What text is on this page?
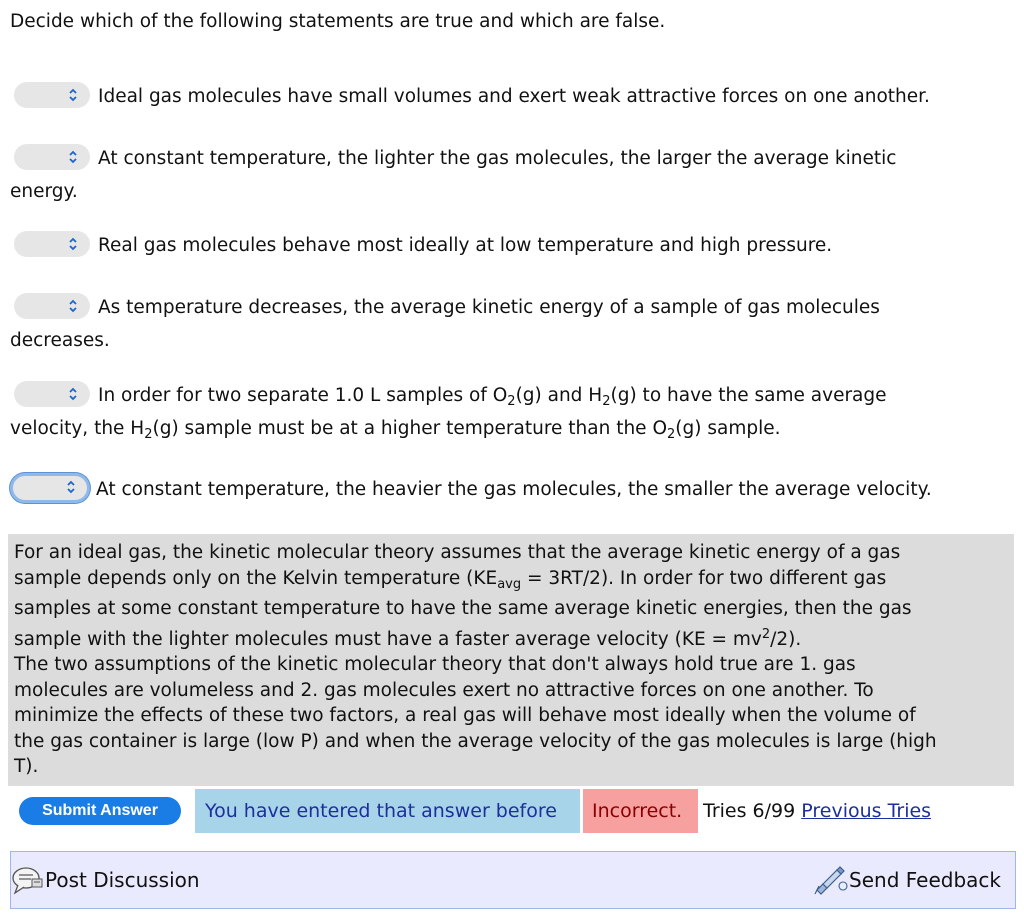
Decide which of the following statements are true and which are false.
Ideal gas molecules have small volumes and exert weak attractive forces on one another.
At constant temperature, the lighter the gas molecules, the larger the average kinetic
energy.
Real gas molecules behave most ideally at low temperature and high pressure.
As temperature decreases, the average kinetic energy of a sample of gas molecules
decreases.
In order for two separate 1.0 L samples of $O_2(g)$ and $H_2(g)$ to have the same average
velocity, the $H_2(g)$ sample must be at a higher temperature than the $O_2(g)$ sample.
At constant temperature, the heavier the gas molecules, the smaller the average velocity.
For an ideal gas, the kinetic molecular theory assumes that the average kinetic energy of a gas
sample depends only on the Kelvin temperature $(KE_{avg} = 3RT/2)$. In order for two different gas
samples at some constant temperature to have the same average kinetic energies, then the gas
sample with the lighter molecules must have a faster average velocity $(KE = mv^2/2)$.
The two assumptions of the kinetic molecular theory that don't always hold true are 1. gas
molecules are volumeless and 2. gas molecules exert no attractive forces on one another. To
minimize the effects of these two factors, a real gas will behave most ideally when the volume of
the gas container is large (low P) and when the average velocity of the gas molecules is large (high
T).
Submit Answer	You have entered that answer before	Incorrect.	Tries 6/99 Previous Tries
Post Discussion	Send Feedback
